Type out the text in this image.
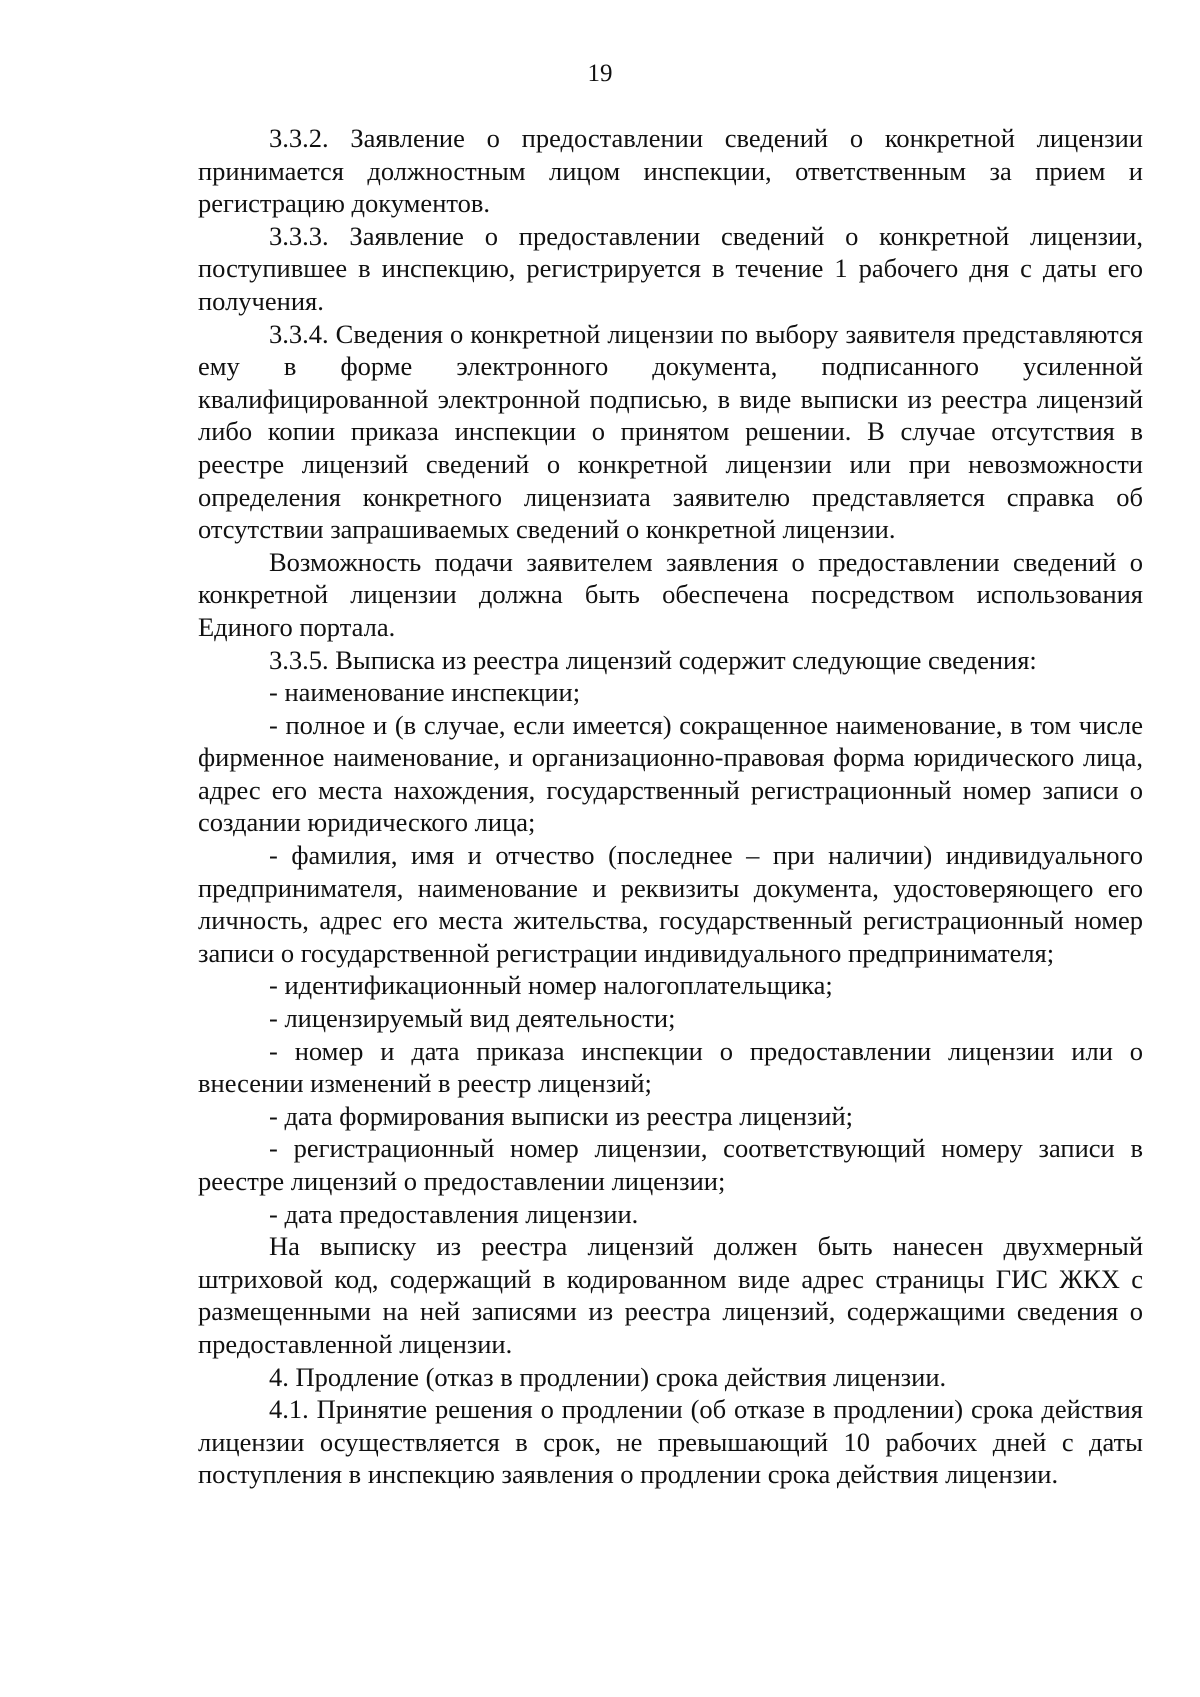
19

3.3.2. Заявление о предоставлении сведений о конкретной лицензии принимается должностным лицом инспекции, ответственным за прием и регистрацию документов.

3.3.3. Заявление о предоставлении сведений о конкретной лицензии, поступившее в инспекцию, регистрируется в течение 1 рабочего дня с даты его получения.

3.3.4. Сведения о конкретной лицензии по выбору заявителя представляются ему в форме электронного документа, подписанного усиленной квалифицированной электронной подписью, в виде выписки из реестра лицензий либо копии приказа инспекции о принятом решении. В случае отсутствия в реестре лицензий сведений о конкретной лицензии или при невозможности определения конкретного лицензиата заявителю представляется справка об отсутствии запрашиваемых сведений о конкретной лицензии.

Возможность подачи заявителем заявления о предоставлении сведений о конкретной лицензии должна быть обеспечена посредством использования Единого портала.

3.3.5. Выписка из реестра лицензий содержит следующие сведения:

- наименование инспекции;

- полное и (в случае, если имеется) сокращенное наименование, в том числе фирменное наименование, и организационно-правовая форма юридического лица, адрес его места нахождения, государственный регистрационный номер записи о создании юридического лица;

- фамилия, имя и отчество (последнее – при наличии) индивидуального предпринимателя, наименование и реквизиты документа, удостоверяющего его личность, адрес его места жительства, государственный регистрационный номер записи о государственной регистрации индивидуального предпринимателя;

- идентификационный номер налогоплательщика;

- лицензируемый вид деятельности;

- номер и дата приказа инспекции о предоставлении лицензии или о внесении изменений в реестр лицензий;

- дата формирования выписки из реестра лицензий;

- регистрационный номер лицензии, соответствующий номеру записи в реестре лицензий о предоставлении лицензии;

- дата предоставления лицензии.

На выписку из реестра лицензий должен быть нанесен двухмерный штриховой код, содержащий в кодированном виде адрес страницы ГИС ЖКХ с размещенными на ней записями из реестра лицензий, содержащими сведения о предоставленной лицензии.

4. Продление (отказ в продлении) срока действия лицензии.

4.1. Принятие решения о продлении (об отказе в продлении) срока действия лицензии осуществляется в срок, не превышающий 10 рабочих дней с даты поступления в инспекцию заявления о продлении срока действия лицензии.
